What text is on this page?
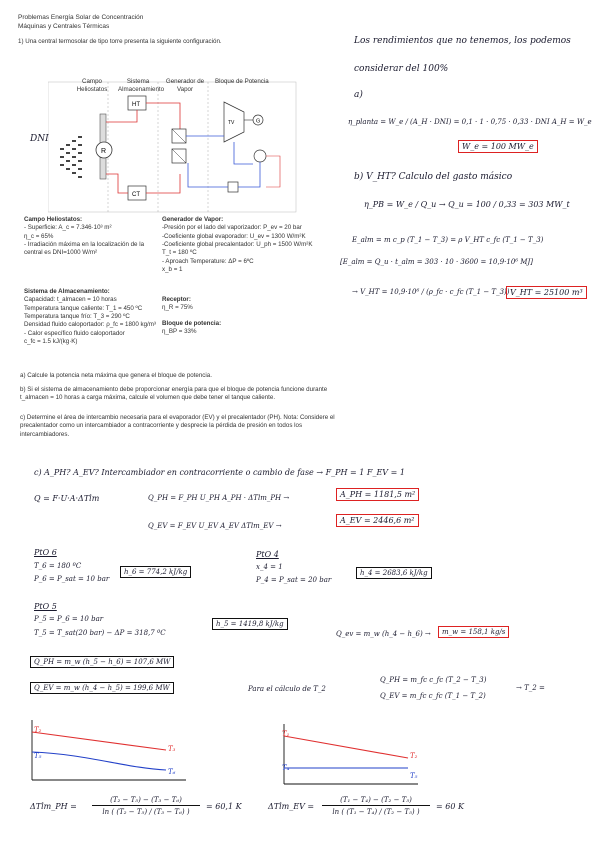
Problemas Energía Solar de Concentración
Máquinas y Centrales Térmicas
1) Una central termosolar de tipo torre presenta la siguiente configuración.
R
HT
CT
TV	G
Campo Heliostatos
Sistema Almacenamiento
Generador de Vapor
Bloque de Potencia
DNI
Campo Heliostatos:
- Superficie: A_c = 7.346·10³ m²
η_c = 65%
- Irradiación máxima en la localización de la
central es DNI=1000 W/m²
Generador de Vapor:
-Presión por el lado del vaporizador: P_ev = 20 bar
-Coeficiente global evaporador: U_ev = 1300 W/m²K
-Coeficiente global precalentador: U_ph = 1500 W/m²K
T_t = 180 ºC
- Aproach Temperature: ΔP = 6ºC
x_b = 1
Sistema de Almacenamiento:
Capacidad: t_almacen = 10 horas
Temperatura tanque caliente: T_1 = 450 ºC
Temperatura tanque frío: T_3 = 290 ºC
Densidad fluido caloportador: ρ_fc = 1800 kg/m³
- Calor específico fluido caloportador
c_fc = 1.5 kJ/(kg·K)
Receptor:
η_R = 75%
Bloque de potencia:
η_BP = 33%
a) Calcule la potencia neta máxima que genera el bloque de potencia.
b) Si el sistema de almacenamiento debe proporcionar energía para que el bloque de potencia funcione durante t_almacen = 10 horas a carga máxima, calcule el volumen que debe tener el tanque caliente.
c) Determine el área de intercambio necesaria para el evaporador (EV) y el precalentador (PH). Nota: Considere el precalentador como un intercambiador a contracorriente y desprecie la pérdida de presión en todos los intercambiadores.
Los rendimientos que no tenemos, los podemos
considerar del 100%
a)
η_planta = W_e / (A_H · DNI) = 0,1 · 1 · 0,75 · 0,33 · DNI A_H = W_e
W_e = 100 MW_e
b) V_HT? Calculo del gasto másico
η_PB = W_e / Q_u → Q_u = 100 / 0,33 = 303 MW_t
E_alm = m c_p (T_1 − T_3) = ρ V_HT c_fc (T_1 − T_3)
[E_alm = Q_u · t_alm = 303 · 10 · 3600 = 10,9·10⁶ MJ]
→ V_HT = 10,9·10⁶ / (ρ_fc · c_fc (T_1 − T_3)) V_HT = 25100 m³
c) A_PH? A_EV? Intercambiador en contracorriente o cambio de fase → F_PH = 1 F_EV = 1
Q = F·U·A·ΔTlm	Q_PH = F_PH U_PH A_PH · ΔTlm_PH →	A_PH = 1181,5 m²
Q_EV = F_EV U_EV A_EV ΔTlm_EV →
A_EV = 2446,6 m²
PtO 6
T_6 = 180 ºC
P_6 = P_sat = 10 bar
h_6 = 774,2 kJ/kg
PtO 4
x_4 = 1
P_4 = P_sat = 20 bar
h_4 = 2683,6 kJ/kg
PtO 5
P_5 = P_6 = 10 bar
T_5 = T_sat(20 bar) − ΔP = 318,7 ºC
h_5 = 1419,8 kJ/kg
Q_ev = m_w (h_4 − h_6) →	m_w = 158,1 kg/s
Q_PH = m_w (h_5 − h_6) = 107,6 MW
Q_EV = m_w (h_4 − h_5) = 199,6 MW	Para el cálculo de T_2
Q_PH = m_fc c_fc (T_2 − T_3)
Q_EV = m_fc c_fc (T_1 − T_2)
→ T_2 =
T₂
T₅
T₃
T₆
T₁
T₄
T₂
T₅
ΔTlm_PH = $\frac{\text{(T₂ − T₅) − (T₃ − T₆)}}{\text{ln ( (T₂ − T₅) / (T₃ − T₆) )}} = 60,1$ K	ΔTlm_EV = $\frac{\text{(T₁ − T₄) − (T₂ − T₅)}}{\text{ln ( (T₁ − T₄) / (T₂ − T₅) )}} = 60$ K
